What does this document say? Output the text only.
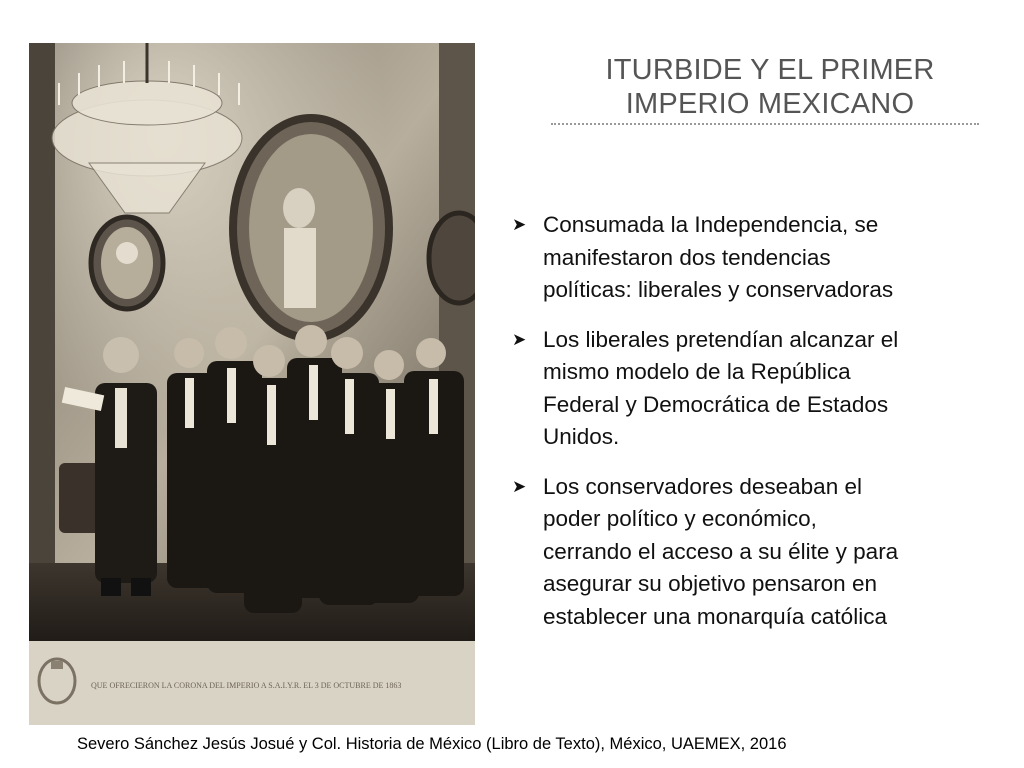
QUE OFRECIERON LA CORONA DEL IMPERIO A S.A.I.Y.R. EL 3 DE OCTUBRE DE 1863
ITURBIDE Y EL PRIMER
IMPERIO MEXICANO
➤ Consumada la Independencia, se
manifestaron dos tendencias
políticas: liberales y conservadoras
➤ Los liberales pretendían alcanzar el
mismo modelo de la República
Federal y Democrática de Estados
Unidos.
➤ Los conservadores deseaban el
poder político y económico,
cerrando el acceso a su élite y para
asegurar su objetivo pensaron en
establecer una monarquía católica
Severo Sánchez Jesús Josué y Col. Historia de México (Libro de Texto), México, UAEMEX, 2016
